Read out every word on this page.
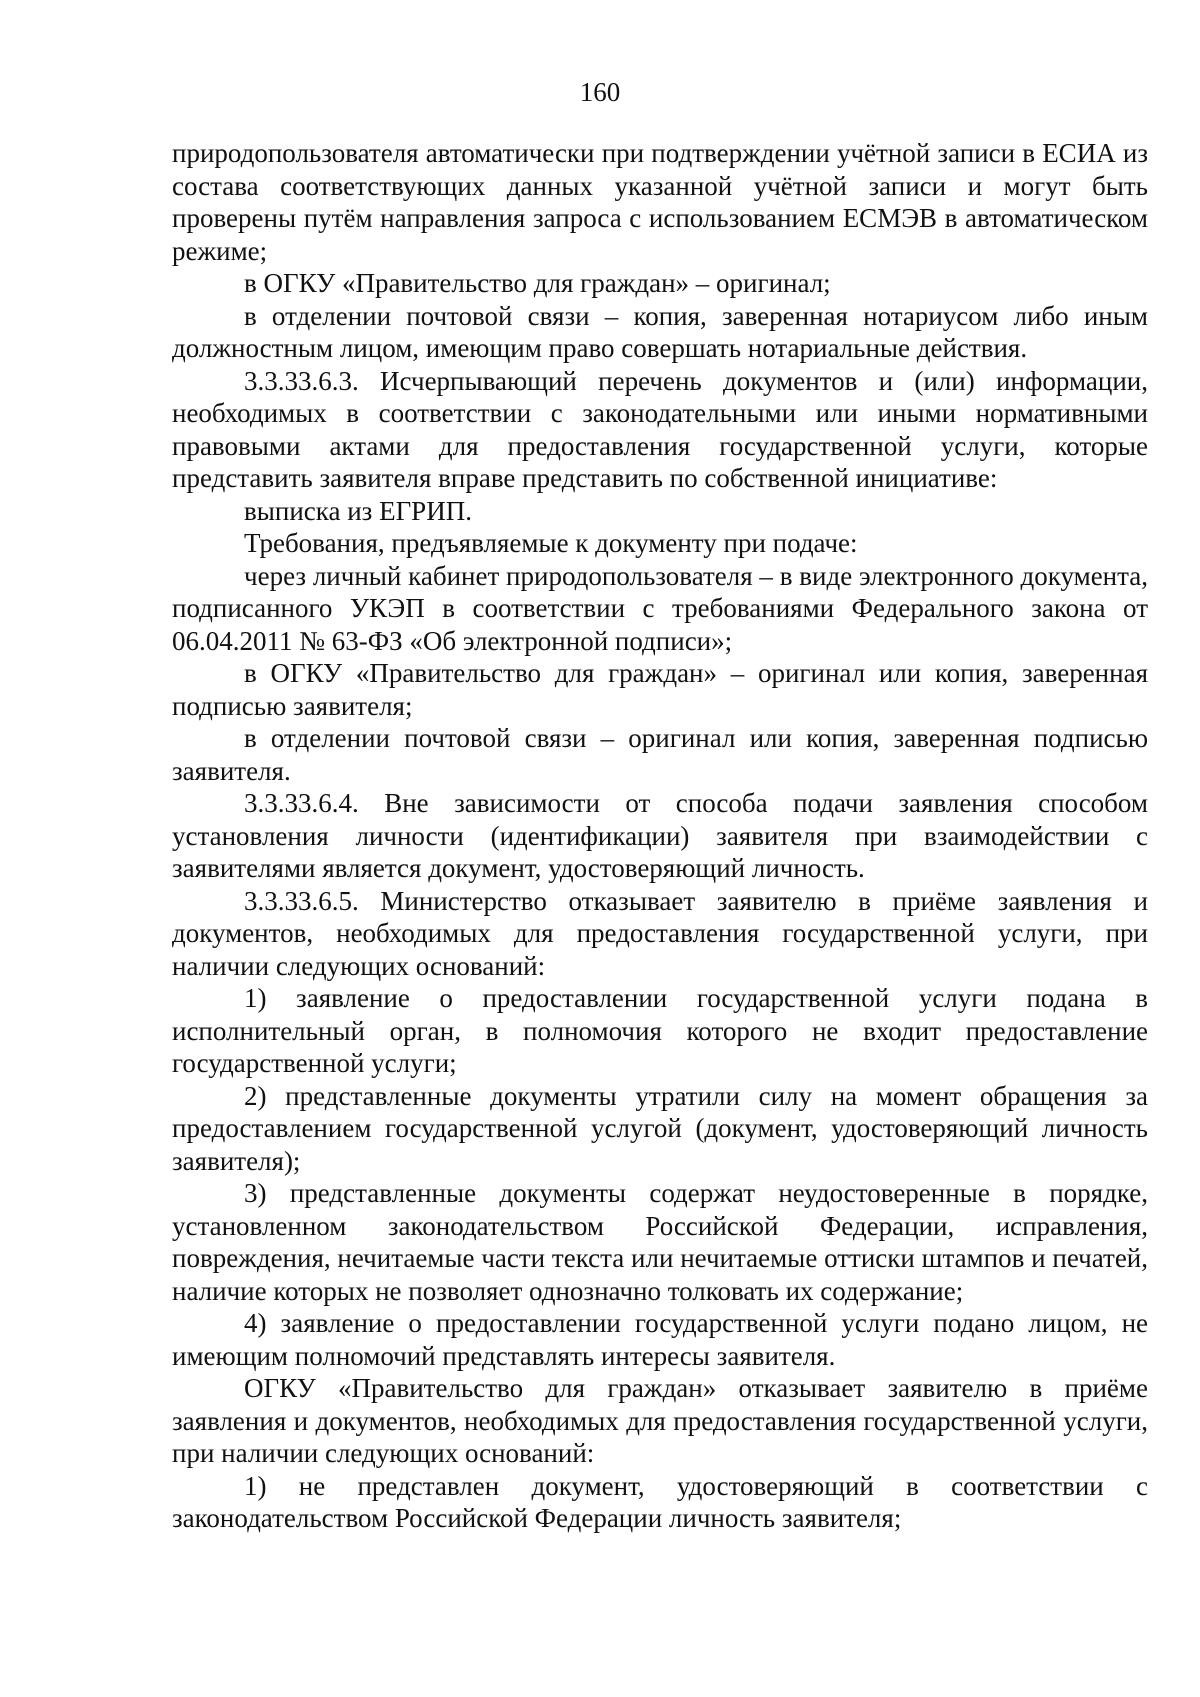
160

природопользователя автоматически при подтверждении учётной записи в ЕСИА из состава соответствующих данных указанной учётной записи и могут быть проверены путём направления запроса с использованием ЕСМЭВ в автоматическом режиме;

в ОГКУ «Правительство для граждан» – оригинал;

в отделении почтовой связи – копия, заверенная нотариусом либо иным должностным лицом, имеющим право совершать нотариальные действия.

3.3.33.6.3. Исчерпывающий перечень документов и (или) информации, необходимых в соответствии с законодательными или иными нормативными правовыми актами для предоставления государственной услуги, которые представить заявителя вправе представить по собственной инициативе:

выписка из ЕГРИП.

Требования, предъявляемые к документу при подаче:

через личный кабинет природопользователя – в виде электронного документа, подписанного УКЭП в соответствии с требованиями Федерального закона от 06.04.2011 № 63-ФЗ «Об электронной подписи»;

в ОГКУ «Правительство для граждан» – оригинал или копия, заверенная подписью заявителя;

в отделении почтовой связи – оригинал или копия, заверенная подписью заявителя.

3.3.33.6.4. Вне зависимости от способа подачи заявления способом установления личности (идентификации) заявителя при взаимодействии с заявителями является документ, удостоверяющий личность.

3.3.33.6.5. Министерство отказывает заявителю в приёме заявления и документов, необходимых для предоставления государственной услуги, при наличии следующих оснований:

1) заявление о предоставлении государственной услуги подана в исполнительный орган, в полномочия которого не входит предоставление государственной услуги;

2) представленные документы утратили силу на момент обращения за предоставлением государственной услугой (документ, удостоверяющий личность заявителя);

3) представленные документы содержат неудостоверенные в порядке, установленном законодательством Российской Федерации, исправления, повреждения, нечитаемые части текста или нечитаемые оттиски штампов и печатей, наличие которых не позволяет однозначно толковать их содержание;

4) заявление о предоставлении государственной услуги подано лицом, не имеющим полномочий представлять интересы заявителя.

ОГКУ «Правительство для граждан» отказывает заявителю в приёме заявления и документов, необходимых для предоставления государственной услуги, при наличии следующих оснований:

1) не представлен документ, удостоверяющий в соответствии с законодательством Российской Федерации личность заявителя;
